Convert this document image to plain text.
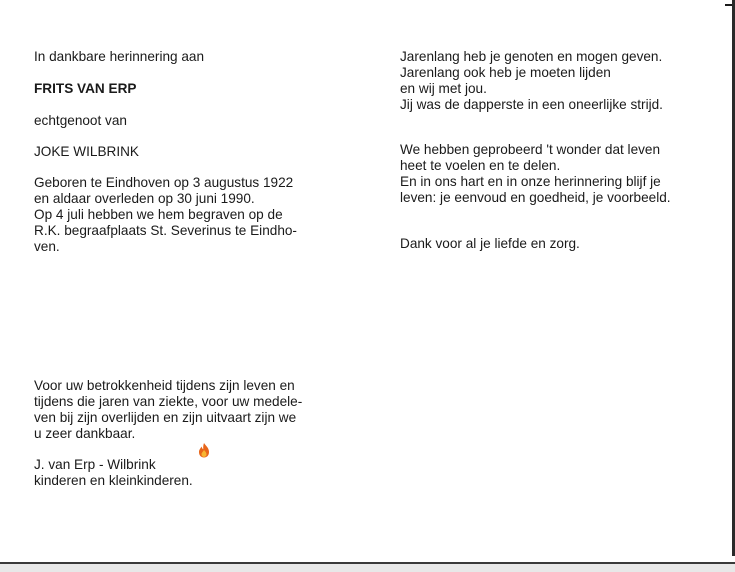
In dankbare herinnering aan
FRITS VAN ERP
echtgenoot van
JOKE WILBRINK
Geboren te Eindhoven op 3 augustus 1922
en aldaar overleden op 30 juni 1990.
Op 4 juli hebben we hem begraven op de
R.K. begraafplaats St. Severinus te Eindho-
ven.
Voor uw betrokkenheid tijdens zijn leven en
tijdens die jaren van ziekte, voor uw medele-
ven bij zijn overlijden en zijn uitvaart zijn we
u zeer dankbaar.
J. van Erp - Wilbrink
kinderen en kleinkinderen.
Jarenlang heb je genoten en mogen geven.
Jarenlang ook heb je moeten lijden
en wij met jou.
Jij was de dapperste in een oneerlijke strijd.
We hebben geprobeerd 't wonder dat leven
heet te voelen en te delen.
En in ons hart en in onze herinnering blijf je
leven: je eenvoud en goedheid, je voorbeeld.
Dank voor al je liefde en zorg.
